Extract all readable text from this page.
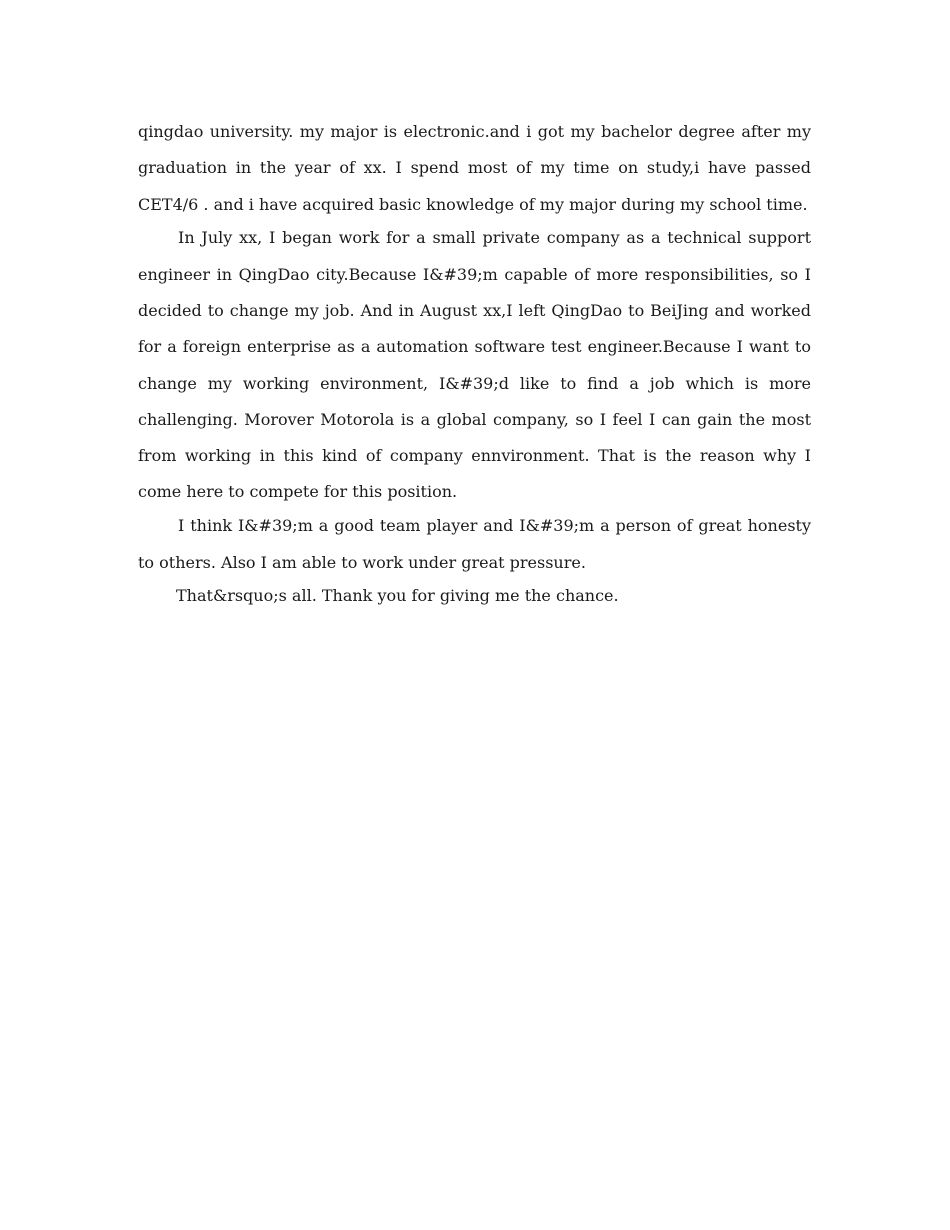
qingdao university. my major is electronic.and i got my bachelor degree after my graduation in the year of xx. I spend most of my time on study,i have passed CET4/6 . and i have acquired basic knowledge of my major during my school time.

In July xx, I began work for a small private company as a technical support engineer in QingDao city.Because I&#39;m capable of more responsibilities, so I decided to change my job. And in August xx,I left QingDao to BeiJing and worked for a foreign enterprise as a automation software test engineer.Because I want to change my working environment, I&#39;d like to find a job which is more challenging. Morover Motorola is a global company, so I feel I can gain the most from working in this kind of company ennvironment. That is the reason why I come here to compete for this position.

I think I&#39;m a good team player and I&#39;m a person of great honesty to others. Also I am able to work under great pressure.

That&rsquo;s all. Thank you for giving me the chance.
